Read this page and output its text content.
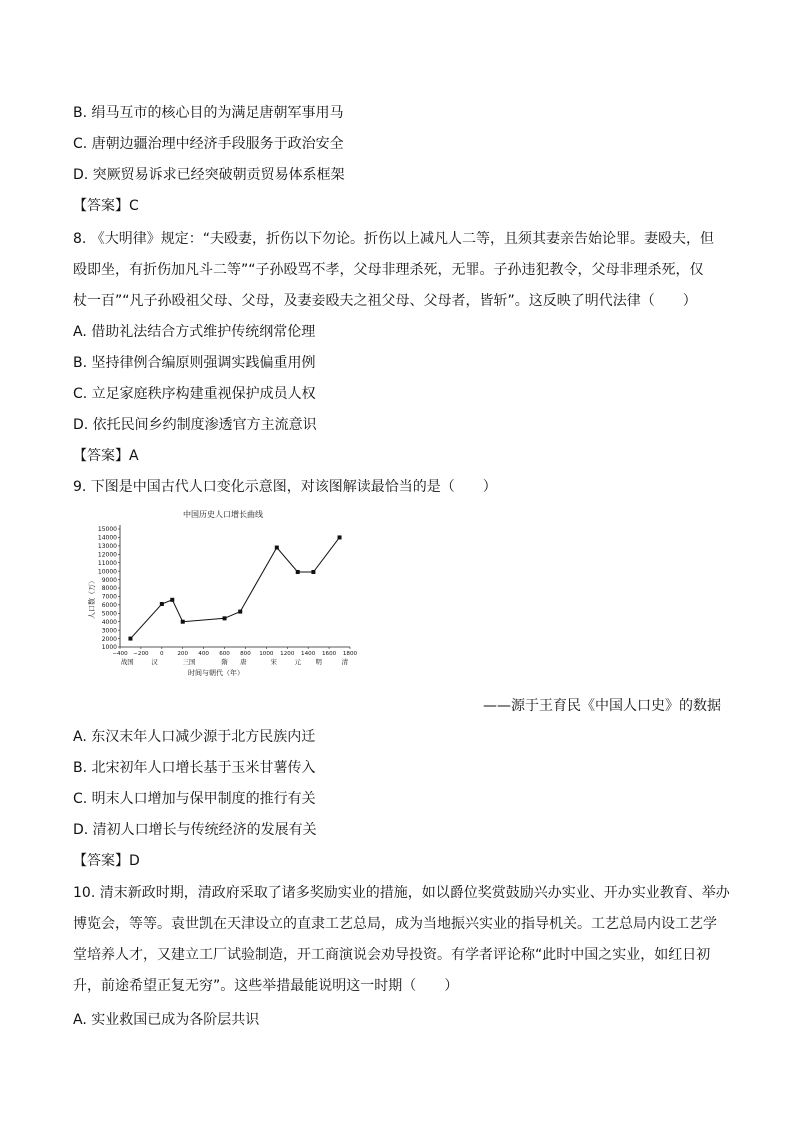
B. 绢马互市的核心目的为满足唐朝军事用马
C. 唐朝边疆治理中经济手段服务于政治安全
D. 突厥贸易诉求已经突破朝贡贸易体系框架
【答案】C
8. 《大明律》规定：“夫殴妻，折伤以下勿论。折伤以上减凡人二等，且须其妻亲告始论罪。妻殴夫，但
殴即坐，有折伤加凡斗二等”“子孙殴骂不孝，父母非理杀死，无罪。子孙违犯教令，父母非理杀死，仅
杖一百”“凡子孙殴祖父母、父母，及妻妾殴夫之祖父母、父母者，皆斩”。这反映了明代法律（　　）
A. 借助礼法结合方式维护传统纲常伦理
B. 坚持律例合编原则强调实践偏重用例
C. 立足家庭秩序构建重视保护成员人权
D. 依托民间乡约制度渗透官方主流意识
【答案】A
9. 下图是中国古代人口变化示意图，对该图解读最恰当的是（　　）
中国历史人口增长曲线
人口数（万）
时间与朝代（年）
1000
2000
3000
4000
5000
6000
7000
8000
9000
10000
11000
12000
13000
14000
15000
−400 −200 0 200 400 600 800 1000 1200 1400 1600 1800
战国	汉	三国	隋 唐	宋	元 明	清
——源于王育民《中国人口史》的数据
A. 东汉末年人口减少源于北方民族内迁
B. 北宋初年人口增长基于玉米甘薯传入
C. 明末人口增加与保甲制度的推行有关
D. 清初人口增长与传统经济的发展有关
【答案】D
10. 清末新政时期，清政府采取了诸多奖励实业的措施，如以爵位奖赏鼓励兴办实业、开办实业教育、举办
博览会，等等。袁世凯在天津设立的直隶工艺总局，成为当地振兴实业的指导机关。工艺总局内设工艺学
堂培养人才，又建立工厂试验制造，开工商演说会劝导投资。有学者评论称“此时中国之实业，如红日初
升，前途希望正复无穷”。这些举措最能说明这一时期（　　）
A. 实业救国已成为各阶层共识
